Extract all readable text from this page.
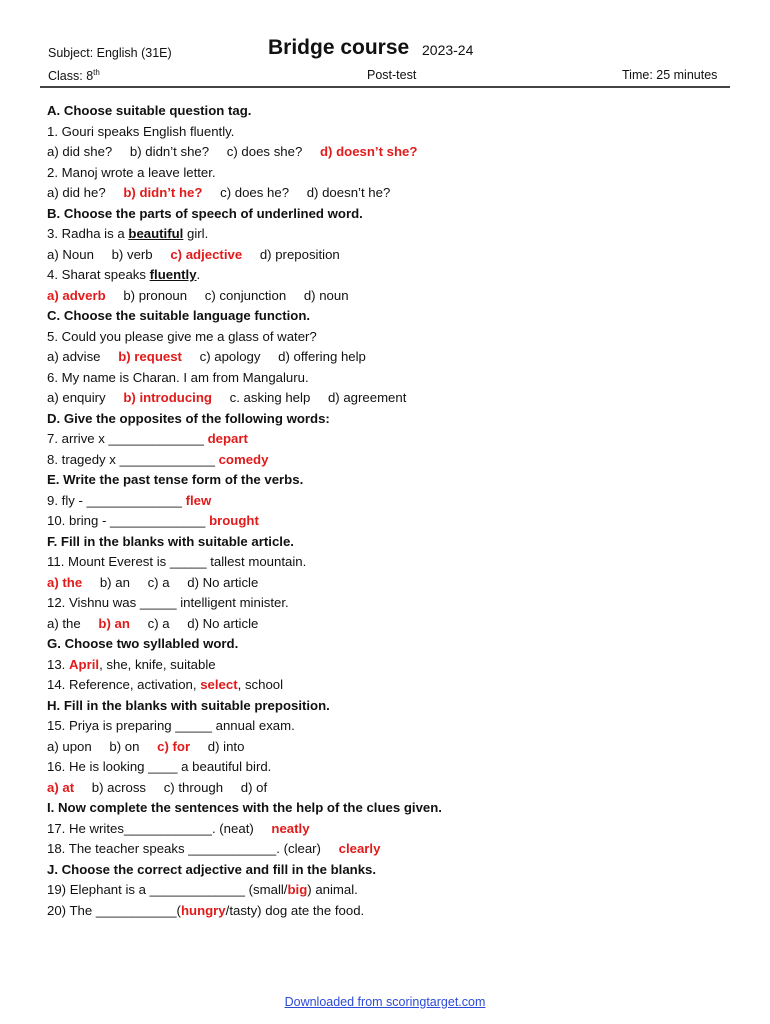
Subject: English (31E)	Bridge course 2023-24
Class: 8th	Post-test	Time: 25 minutes
A. Choose suitable question tag.
1. Gouri speaks English fluently.
a) did she? b) didn’t she? c) does she? d) doesn’t she?
2. Manoj wrote a leave letter.
a) did he? b) didn’t he? c) does he? d) doesn’t he?
B. Choose the parts of speech of underlined word.
3. Radha is a beautiful girl.
a) Noun b) verb c) adjective d) preposition
4. Sharat speaks fluently.
a) adverb b) pronoun c) conjunction d) noun
C. Choose the suitable language function.
5. Could you please give me a glass of water?
a) advise b) request c) apology d) offering help
6. My name is Charan. I am from Mangaluru.
a) enquiry b) introducing c. asking help d) agreement
D. Give the opposites of the following words:
7. arrive x _____________ depart
8. tragedy x _____________ comedy
E. Write the past tense form of the verbs.
9. fly - _____________ flew
10. bring - _____________ brought
F. Fill in the blanks with suitable article.
11. Mount Everest is _____ tallest mountain.
a) the b) an c) a d) No article
12. Vishnu was _____ intelligent minister.
a) the b) an c) a d) No article
G. Choose two syllabled word.
13. April, she, knife, suitable
14. Reference, activation, select, school
H. Fill in the blanks with suitable preposition.
15. Priya is preparing _____ annual exam.
a) upon b) on c) for d) into
16. He is looking ____ a beautiful bird.
a) at b) across c) through d) of
I. Now complete the sentences with the help of the clues given.
17. He writes____________. (neat) neatly
18. The teacher speaks ____________. (clear) clearly
J. Choose the correct adjective and fill in the blanks.
19) Elephant is a _____________ (small/big) animal.
20) The ___________(hungry/tasty) dog ate the food.
Downloaded from scoringtarget.com
